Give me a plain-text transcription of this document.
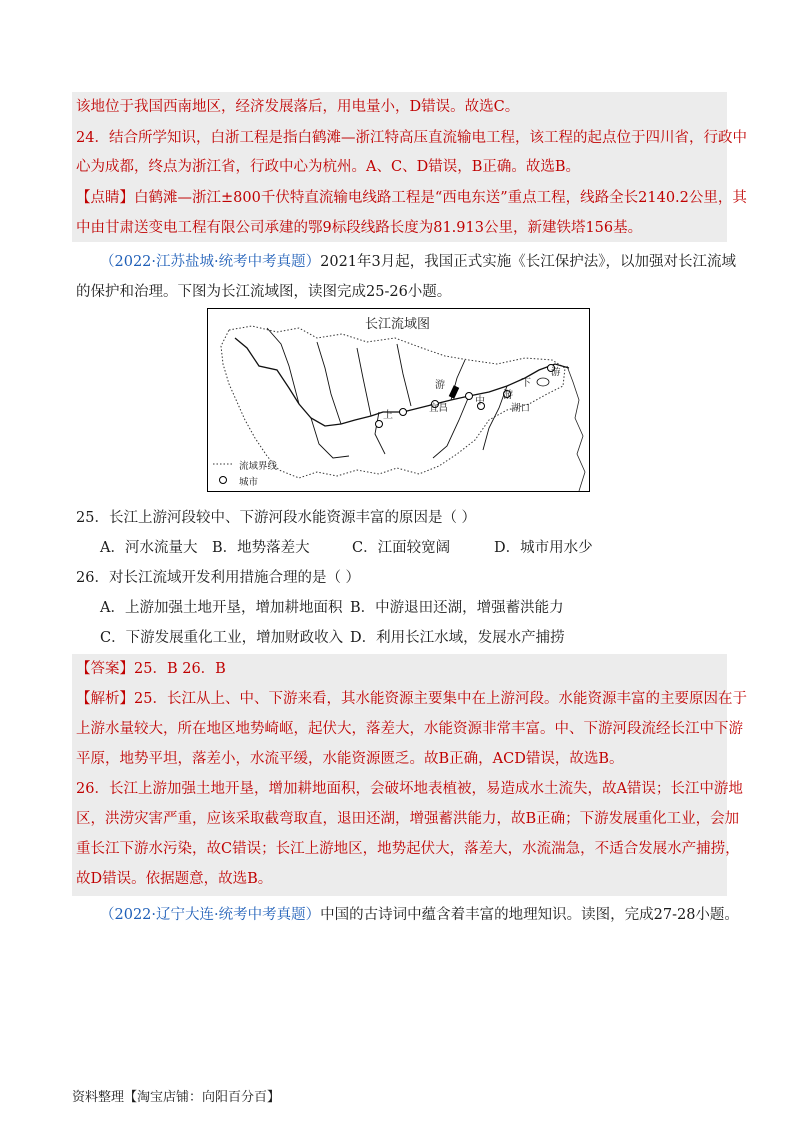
该地位于我国西南地区，经济发展落后，用电量小，D错误。故选C。
24．结合所学知识，白浙工程是指白鹤滩—浙江特高压直流输电工程，该工程的起点位于四川省，行政中
心为成都，终点为浙江省，行政中心为杭州。A、C、D错误，B正确。故选B。
【点睛】白鹤滩—浙江±800千伏特直流输电线路工程是“西电东送”重点工程，线路全长2140.2公里，其
中由甘肃送变电工程有限公司承建的鄂9标段线路长度为81.913公里，新建铁塔156基。
（2022·江苏盐城·统考中考真题）2021年3月起，我国正式实施《长江保护法》，以加强对长江流域
的保护和治理。下图为长江流域图，读图完成25-26小题。
长江流域图
上
游
宜昌
中
游
湖口
下
游
流域界线
城市
25．长江上游河段较中、下游河段水能资源丰富的原因是（ ）
A．河水流量大 B．地势落差大	C．江面较宽阔	D．城市用水少
26．对长江流域开发利用措施合理的是（ ）
A．上游加强土地开垦，增加耕地面积 B．中游退田还湖，增强蓄洪能力
C．下游发展重化工业，增加财政收入 D．利用长江水域，发展水产捕捞
【答案】25．B 26．B
【解析】25．长江从上、中、下游来看，其水能资源主要集中在上游河段。水能资源丰富的主要原因在于
上游水量较大，所在地区地势崎岖，起伏大，落差大，水能资源非常丰富。中、下游河段流经长江中下游
平原，地势平坦，落差小，水流平缓，水能资源匮乏。故B正确，ACD错误，故选B。
26．长江上游加强土地开垦，增加耕地面积，会破坏地表植被，易造成水土流失，故A错误；长江中游地
区，洪涝灾害严重，应该采取截弯取直，退田还湖，增强蓄洪能力，故B正确；下游发展重化工业，会加
重长江下游水污染，故C错误；长江上游地区，地势起伏大，落差大，水流湍急，不适合发展水产捕捞，
故D错误。依据题意，故选B。
（2022·辽宁大连·统考中考真题）中国的古诗词中蕴含着丰富的地理知识。读图，完成27-28小题。
资料整理【淘宝店铺：向阳百分百】
